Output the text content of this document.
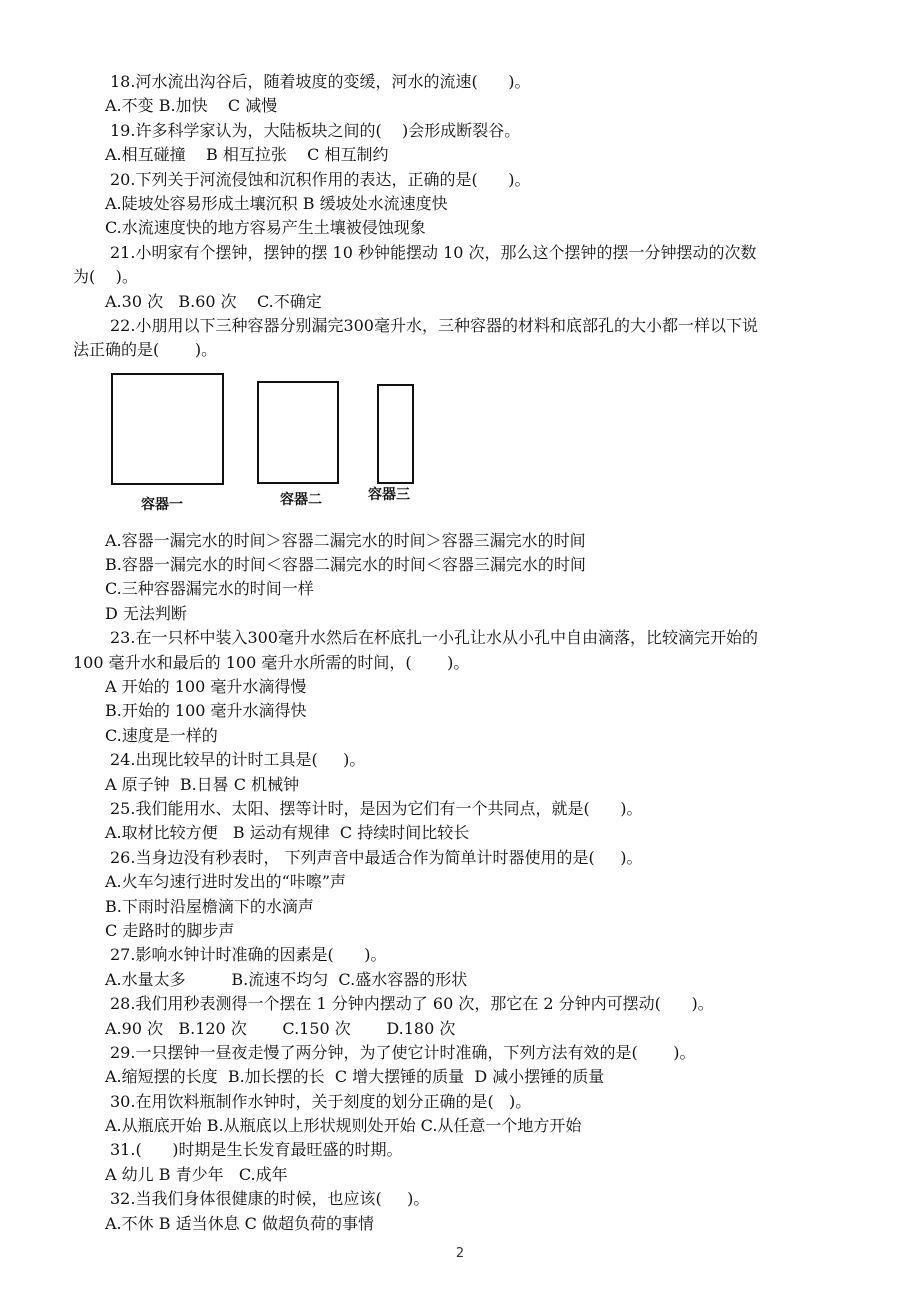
18.河水流出沟谷后，随着坡度的变缓，河水的流速(      )。
A.不变 B.加快    C 减慢
19.许多科学家认为，大陆板块之间的(    )会形成断裂谷。
A.相互碰撞    B 相互拉张    C 相互制约
20.下列关于河流侵蚀和沉积作用的表达，正确的是(      )。
A.陡坡处容易形成土壤沉积 B 缓坡处水流速度快
C.水流速度快的地方容易产生土壤被侵蚀现象
21.小明家有个摆钟，摆钟的摆 10 秒钟能摆动 10 次，那么这个摆钟的摆一分钟摆动的次数
为(    )。
A.30 次   B.60 次    C.不确定
22.小朋用以下三种容器分别漏完300毫升水，三种容器的材料和底部孔的大小都一样以下说
法正确的是(       )。
容器一	容器二	容器三
A.容器一漏完水的时间＞容器二漏完水的时间＞容器三漏完水的时间
B.容器一漏完水的时间＜容器二漏完水的时间＜容器三漏完水的时间
C.三种容器漏完水的时间一样
D 无法判断
23.在一只杯中装入300毫升水然后在杯底扎一小孔让水从小孔中自由滴落，比较滴完开始的
100 毫升水和最后的 100 毫升水所需的时间，(       )。
A 开始的 100 毫升水滴得慢
B.开始的 100 毫升水滴得快
C.速度是一样的
24.出现比较早的计时工具是(     )。
A 原子钟  B.日晷 C 机械钟
25.我们能用水、太阳、摆等计时，是因为它们有一个共同点，就是(      )。
A.取材比较方便   B 运动有规律  C 持续时间比较长
26.当身边没有秒表时， 下列声音中最适合作为简单计时器使用的是(     )。
A.火车匀速行进时发出的“咔嚓”声
B.下雨时沿屋檐滴下的水滴声
C 走路时的脚步声
27.影响水钟计时准确的因素是(      )。
A.水量太多         B.流速不均匀  C.盛水容器的形状
28.我们用秒表测得一个摆在 1 分钟内摆动了 60 次，那它在 2 分钟内可摆动(      )。
A.90 次   B.120 次       C.150 次       D.180 次
29.一只摆钟一昼夜走慢了两分钟，为了使它计时准确，下列方法有效的是(       )。
A.缩短摆的长度  B.加长摆的长  C 增大摆锤的质量  D 减小摆锤的质量
30.在用饮料瓶制作水钟时，关于刻度的划分正确的是(   )。
A.从瓶底开始 B.从瓶底以上形状规则处开始 C.从任意一个地方开始
31.(      )时期是生长发育最旺盛的时期。
A 幼儿 B 青少年   C.成年
32.当我们身体很健康的时候，也应该(     )。
A.不休 B 适当休息 C 做超负荷的事情
2
